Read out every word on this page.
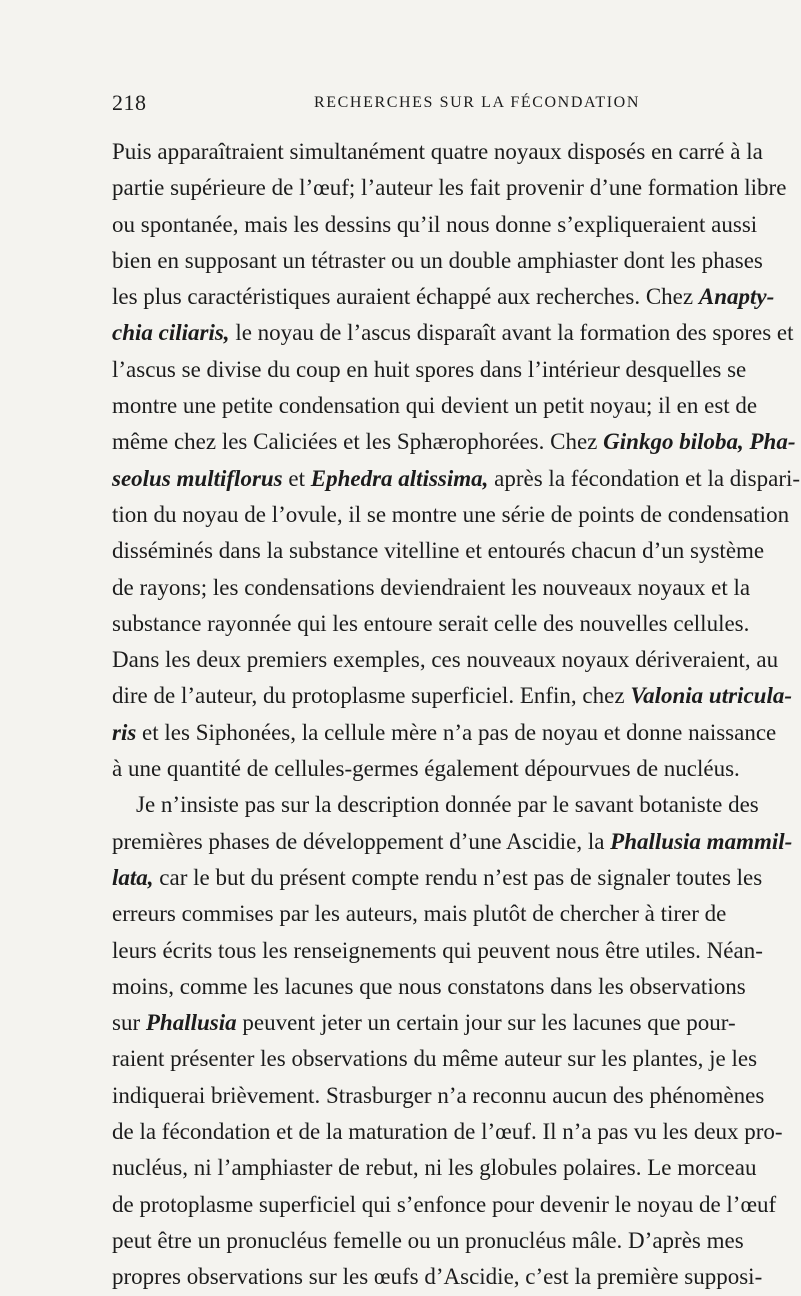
218	RECHERCHES SUR LA FÉCONDATION
Puis apparaîtraient simultanément quatre noyaux disposés en carré à la
partie supérieure de l’œuf; l’auteur les fait provenir d’une formation libre
ou spontanée, mais les dessins qu’il nous donne s’expliqueraient aussi
bien en supposant un tétraster ou un double amphiaster dont les phases
les plus caractéristiques auraient échappé aux recherches. Chez Anapty-
chia ciliaris, le noyau de l’ascus disparaît avant la formation des spores et
l’ascus se divise du coup en huit spores dans l’intérieur desquelles se
montre une petite condensation qui devient un petit noyau; il en est de
même chez les Caliciées et les Sphærophorées. Chez Ginkgo biloba, Pha-
seolus multiflorus et Ephedra altissima, après la fécondation et la dispari-
tion du noyau de l’ovule, il se montre une série de points de condensation
disséminés dans la substance vitelline et entourés chacun d’un système
de rayons; les condensations deviendraient les nouveaux noyaux et la
substance rayonnée qui les entoure serait celle des nouvelles cellules.
Dans les deux premiers exemples, ces nouveaux noyaux dériveraient, au
dire de l’auteur, du protoplasme superficiel. Enfin, chez Valonia utricula-
ris et les Siphonées, la cellule mère n’a pas de noyau et donne naissance
à une quantité de cellules-germes également dépourvues de nucléus.
Je n’insiste pas sur la description donnée par le savant botaniste des
premières phases de développement d’une Ascidie, la Phallusia mammil-
lata, car le but du présent compte rendu n’est pas de signaler toutes les
erreurs commises par les auteurs, mais plutôt de chercher à tirer de
leurs écrits tous les renseignements qui peuvent nous être utiles. Néan-
moins, comme les lacunes que nous constatons dans les observations
sur Phallusia peuvent jeter un certain jour sur les lacunes que pour-
raient présenter les observations du même auteur sur les plantes, je les
indiquerai brièvement. Strasburger n’a reconnu aucun des phénomènes
de la fécondation et de la maturation de l’œuf. Il n’a pas vu les deux pro-
nucléus, ni l’amphiaster de rebut, ni les globules polaires. Le morceau
de protoplasme superficiel qui s’enfonce pour devenir le noyau de l’œuf
peut être un pronucléus femelle ou un pronucléus mâle. D’après mes
propres observations sur les œufs d’Ascidie, c’est la première supposi-
